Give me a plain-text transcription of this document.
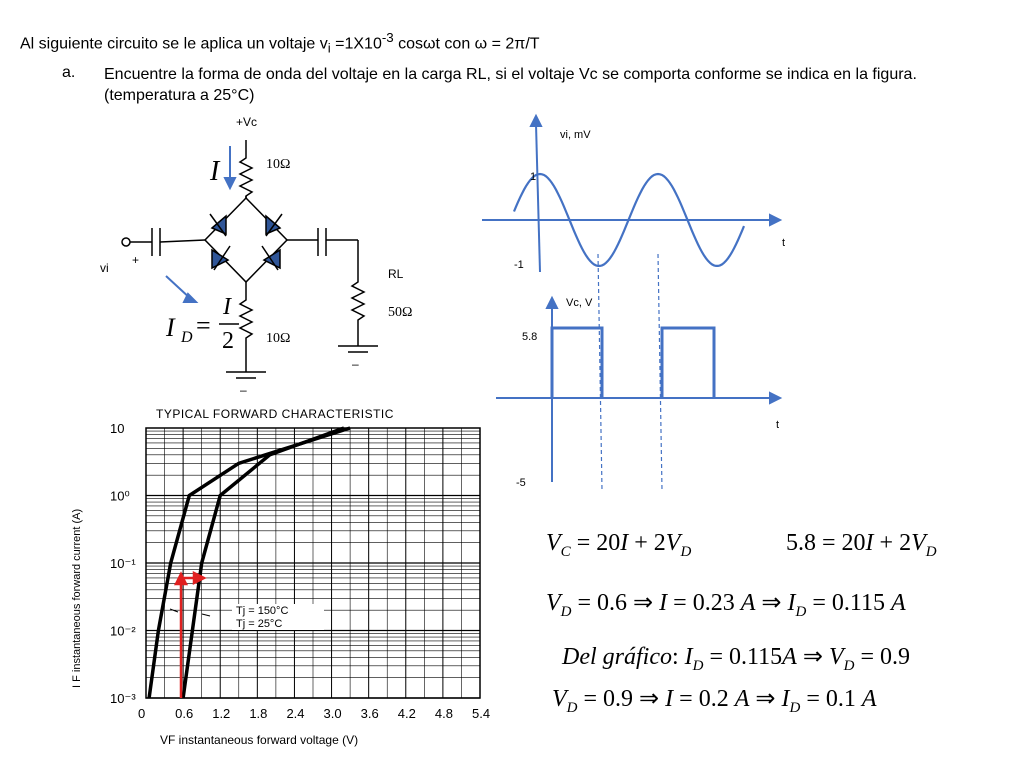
Al siguiente circuito se le aplica un voltaje $v_i =1X10^{-3}$ cosωt con ω = 2π/T
a. Encuentre la forma de onda del voltaje en la carga RL, si el voltaje Vc se comporta conforme se indica en la figura. (temperatura a 25°C)
+Vc
I	10Ω
vi
+
RL
50Ω
I D =
I
2 10Ω
–
–
vi, mV
t
1
-1
Vc, V
t
5.8
-5
TYPICAL FORWARD CHARACTERISTIC
10
10⁰
10⁻¹
10⁻²
10⁻³
0 0.6 1.2 1.8 2.4 3.0 3.6 4.2 4.8 5.4
Tj = 150°C
Tj = 25°C
I F instantaneous forward current (A)
VF instantaneous forward voltage (V)
$V_C = 20I + 2V_D$	$5.8 = 20I + 2V_D$
$V_D = 0.6$ ⇒ I = 0.23 A ⇒ $I_D = 0.115$ A
Del gráfico: $I_D = 0.115A$ ⇒ $V_D = 0.9$
$V_D = 0.9$ ⇒ I = 0.2 A ⇒ $I_D = 0.1$ A
